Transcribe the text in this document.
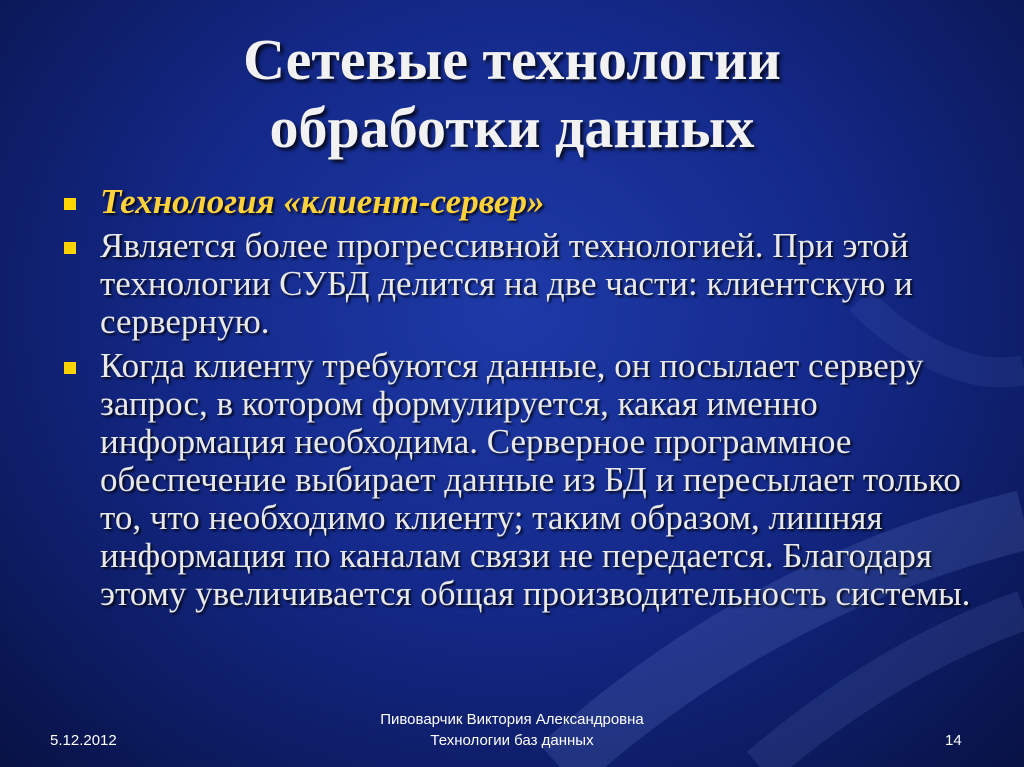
Сетевые технологии
обработки данных
Технология «клиент-сервер»
Является более прогрессивной технологией. При этой технологии СУБД делится на две части: клиентскую и серверную.
Когда клиенту требуются данные, он посылает серверу запрос, в котором формулируется, какая именно информация необходима. Серверное программное обеспечение выбирает данные из БД и пересылает только то, что необходимо клиенту; таким образом, лишняя информация по каналам связи не передается. Благодаря этому увеличивается общая производительность системы.
5.12.2012
Пивоварчик Виктория Александровна
Технологии баз данных	14
